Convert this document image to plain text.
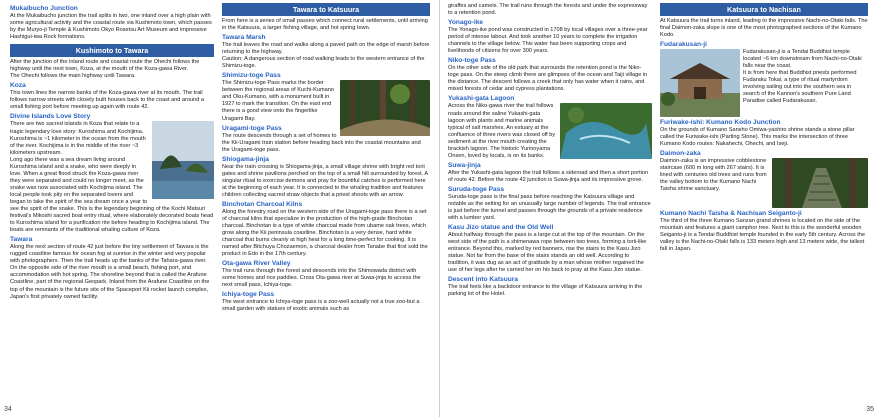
Mukaibucho Junction

At the Mukaibucho junction the trail splits in two, one inland over a high plain with some agricultural activity and the coastal route via Kushimoto town, which passes by the Muryo-ji Temple & Kushimoto Okyo Rosetsu Art Museum and impressive Hashigui-iwa Rock formations.

Kushimoto to Tawara

After the junction of the inland route and coastal route the Ohechi follows the highway until the next town, Koza, at the mouth of the Koza-gawa River.
The Ohechi follows the main highway until Tawara.

Koza

This town lines the narrow banks of the Koza-gawa river at its mouth. The trail follows narrow streets with closely built houses back to the coast and around a small fishing port before meeting up again with route 42.

Divine Islands Love Story

There are two sacred islands in Koza that relate to a tragic legendary love story: Kuroshima and Kochijima. Kuroshima is ~1 kilometer in the ocean from the mouth of the river. Kochijima is in the middle of the river ~3 kilometers upstream.

Long ago there was a sea dream living around Kuroshima island and a snake, who were deeply in love. When a great flood struck the Koza-gawa river they were separated and could no longer meet, as the snake was now associated with Kochijima island. The local people took pity on the separated lovers and began to take the spirit of the sea dream once a year to see the spirit of the snake. This is the legendary beginning of the Kochi Matsuri festival's Mikoshi sacred boat entry ritual, where elaborately decorated boats head to Kuroshima island for a purification rite before heading to Kochijima island. The boats are remnants of the traditional whaling culture of Koza.

Tawara

Along the next section of route 42 just before the tiny settlement of Tawara is the rugged coastline famous for ocean fog at sunrise in the winter and very popular with photographers. Then the trail heads up the banks of the Tahara-gawa river. On the opposite side of the river mouth is a small beach, fishing port, and accommodation with hot spring. The shoreline beyond that is called the Arafune Coastline, part of the regional Geopark. Inland from the Arafune Coastline on the top of the mountain is the future site of the Spaceport Kii rocket launch complex, Japan's first privately owned facility.

Tawara to Katsuura

From here is a series of small passes which connect rural settlements, until arriving in the Katsuura, a larger fishing village, and hot spring town.

Tawara Marsh

The trail leaves the road and walks along a paved path on the edge of marsh before returning to the highway.
Caution: A dangerous section of road walking leads to the western entrance of the Shimizu-toge.

Shimizu-toge Pass

The Shimizu-toge Pass marks the border between the regional areas of Kuchi-Kumano and Oku-Kumano, with a monument built in 1927 to mark the transition. On the east end there is a good view onto the fingerlike Uragami Bay.

Uragami-toge Pass

The route descends through a set of homes to the Kii-Uragami train station before heading back into the coastal mountains and the Uragami-toge pass.

Shiogama-jinja

Near the train crossing is Shiogama-jinja, a small village shrine with bright red torii gates and shrine pavilions perched on the top of a small hill surrounded by forest. A singular ritual to exorcise demons and pray for bountiful catches is performed here at the beginning of each year. It is connected to the whaling tradition and features children collecting sacred straw objects that a priest shoots with an arrow.

Binchotan Charcoal Kilns

Along the forestry road on the western side of the Uragami-toge pass there is a set of charcoal kilns that specialize in the production of the high-grade Binchotan charcoal. Binchotan is a type of white charcoal made from ubame oak trees, which grow along the Kii peninsula coastline. Binchotan is a very dense, hard white charcoal that burns cleanly at high heat for a long time-perfect for cooking. It is named after Bitchuya Chozaemon, a charcoal dealer from Tanabe that first sold the product in Edo in the 17th century.

Ota-gawa River Valley

The trail runs through the forest and descends into the Shimowada district with some homes and rice paddies. Cross Ota-gawa river at Suwa-jinja to access the next small pass, Ichiya-toge.

Ichiya-toge Pass

The west entrance to Ichiya-toge pass is a zoo-well actually not a true zoo-but a small garden with statues of exotic animals such as

34

giraffes and camels. The trail runs through the forests and under the expressway to a retention pond.

Yonago-ike

The Yonago-ike pond was constructed in 1708 by local villages over a three-year period of intense labour. And took another 10 years to complete the irrigation channels to the village below. This water has been supporting crops and livelihoods of citizens for over 300 years.

Niko-toge Pass

On the other side of the old park that surrounds the retention pond is the Niko-toge pass. On the steep climb there are glimpses of the ocean and Taiji village in the distance. The descent follows a creek that only has water when it rains, and mixed forests of cedar and cypress plantations.

Yukashi-gata Lagoon

Across the Niko-gawa river the trail follows roads around the saline Yukashi-gata lagoon with plants and marine animals typical of salt marshes. An estuary at the confluence of three rivers was closed off by sediment at the river mouth creating the brackish lagoon. The historic Yurinoyama Onsen, loved by locals, is on its banks.

Suwa-jinja

After the Yukashi-gata lagoon the trail follows a sideroad and then a short portion of route 42. Before the route 42 junction is Suwa-jinja and its impressive grove.

Suruda-toge Pass

Suruda-toge pass is the final pass before reaching the Katsuura village and notable as the setting for an unusually large number of legends. The trail entrance is just before the tunnel and passes through the grounds of a private residence with a lumber yard.

Kasu Jizo statue and the Old Well

About halfway through the pass is a large cut at the top of the mountain. On the west side of the path is a shimenawa rope between two trees, forming a torii-like entrance. Beyond this, marked by red banners, rise the stairs to the Kasu Jizo statue. Not far from the base of the stairs stands an old well. According to tradition, it was dug as an act of gratitude by a man whose mother regained the use of her legs after he carried her on his back to pray at the Kasu Jizo statue.

Descent into Katsuura

The trail feels like a backdoor entrance to the village of Katsuura arriving in the parking lot of the Hotel.

Katsuura to Nachisan

At Katsuura the trail turns inland, leading to the impressive Nachi-no-Otaki falls. The final Daimon-zaka slope is one of the most photographed sections of the Kumano Kodo.

Fudarakusan-ji

Fudarakusan-ji is a Tendai Buddhist temple located ~6 km downstream from Nachi-no-Otaki falls near the coast.
It is from here that Buddhist priests performed Fudaraku Tokai, a type of ritual martyrdom involving sailing out into the southern sea in search of the Kannon's southern Pure Land Paradise called Fudarakusan.

Furiwake-ishi: Kumano Kodo Junction

On the grounds of Kumano Sansho Omiwa-yashiro shrine stands a stone pillar called the Furiwake-ishi (Parting Stone). This marks the intersection of three Kumano Kodo routes: Nakahechi, Ohechi, and Iseji.

Daimon-zaka

Daimon-zaka is an impressive cobblestone staircase (600 m long with 267 stairs). It is lined with centuries old trees and runs from the valley bottom to the Kumano Nachi Taisha shrine sanctuary.

Kumano Nachi Taisha & Nachisan Seiganto-ji

The third of the three Kumano Sanzan grand shrines is located on the side of the mountain and features a giant camphor tree. Next to this is the wonderful wooden Seiganto-ji is a Tendai Buddhist temple founded in the early 5th century. Across the valley is the Nachi-no-Otaki falls is 133 meters high and 13 meters wide, the tallest fall in Japan.

35
